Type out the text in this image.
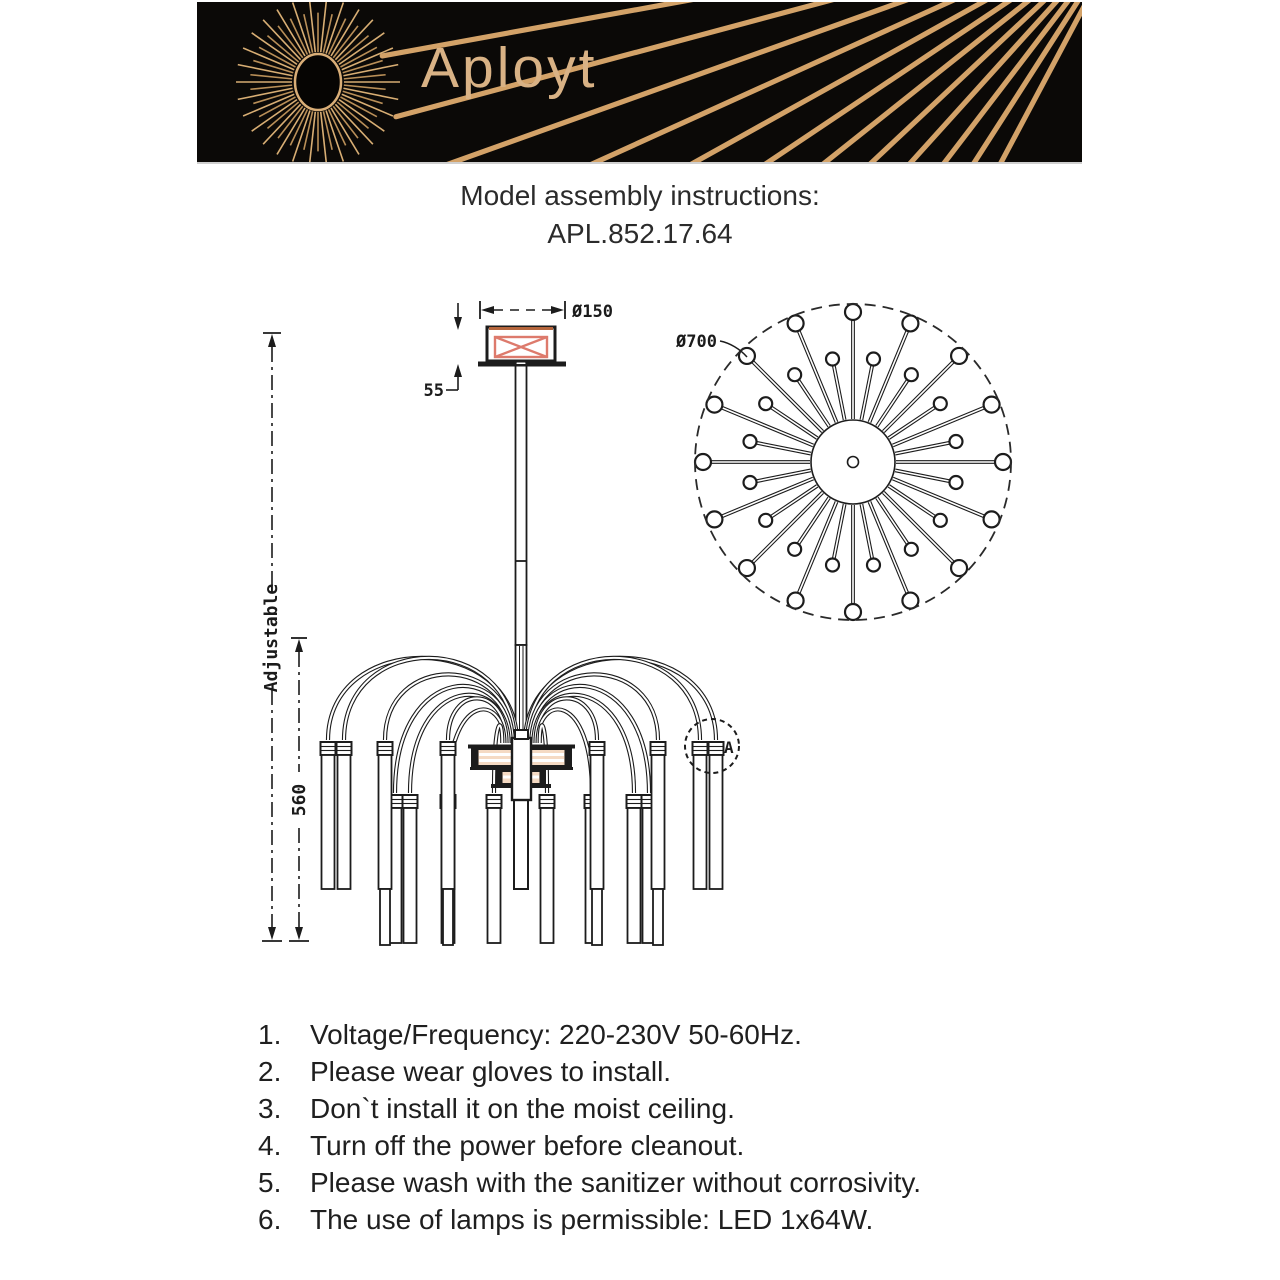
Aployt

Model assembly instructions:

APL.852.17.64

Ø150
55
Adjustable
560
Ø700
A
1.	Voltage/Frequency: 220-230V 50-60Hz.
2.	Please wear gloves to install.
3.	Don`t install it on the moist ceiling.
4.	Turn off the power before cleanout.
5.	Please wash with the sanitizer without corrosivity.
6.	The use of lamps is permissible: LED 1x64W.
